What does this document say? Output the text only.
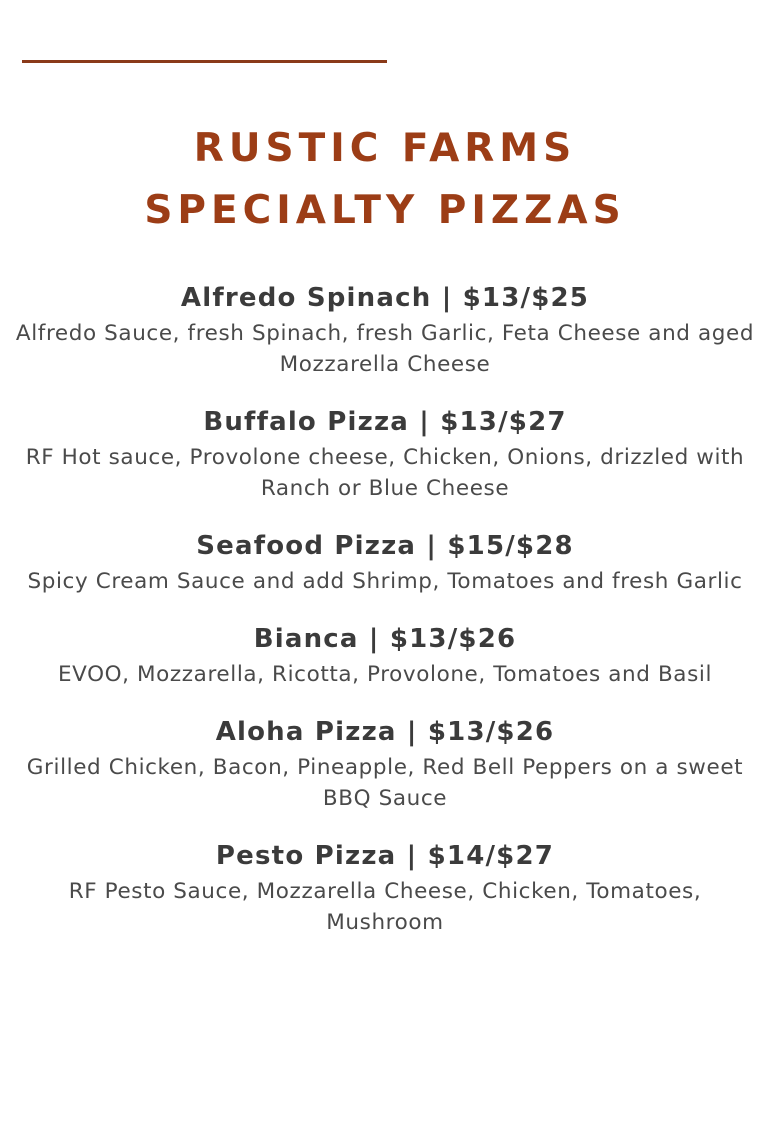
RUSTIC FARMS
SPECIALTY PIZZAS
Alfredo Spinach | $13/$25
Alfredo Sauce, fresh Spinach, fresh Garlic, Feta Cheese and aged Mozzarella Cheese
Buffalo Pizza | $13/$27
RF Hot sauce, Provolone cheese, Chicken, Onions, drizzled with Ranch or Blue Cheese
Seafood Pizza | $15/$28
Spicy Cream Sauce and add Shrimp, Tomatoes and fresh Garlic
Bianca | $13/$26
EVOO, Mozzarella, Ricotta, Provolone, Tomatoes and Basil
Aloha Pizza | $13/$26
Grilled Chicken, Bacon, Pineapple, Red Bell Peppers on a sweet BBQ Sauce
Pesto Pizza | $14/$27
RF Pesto Sauce, Mozzarella Cheese, Chicken, Tomatoes, Mushroom
